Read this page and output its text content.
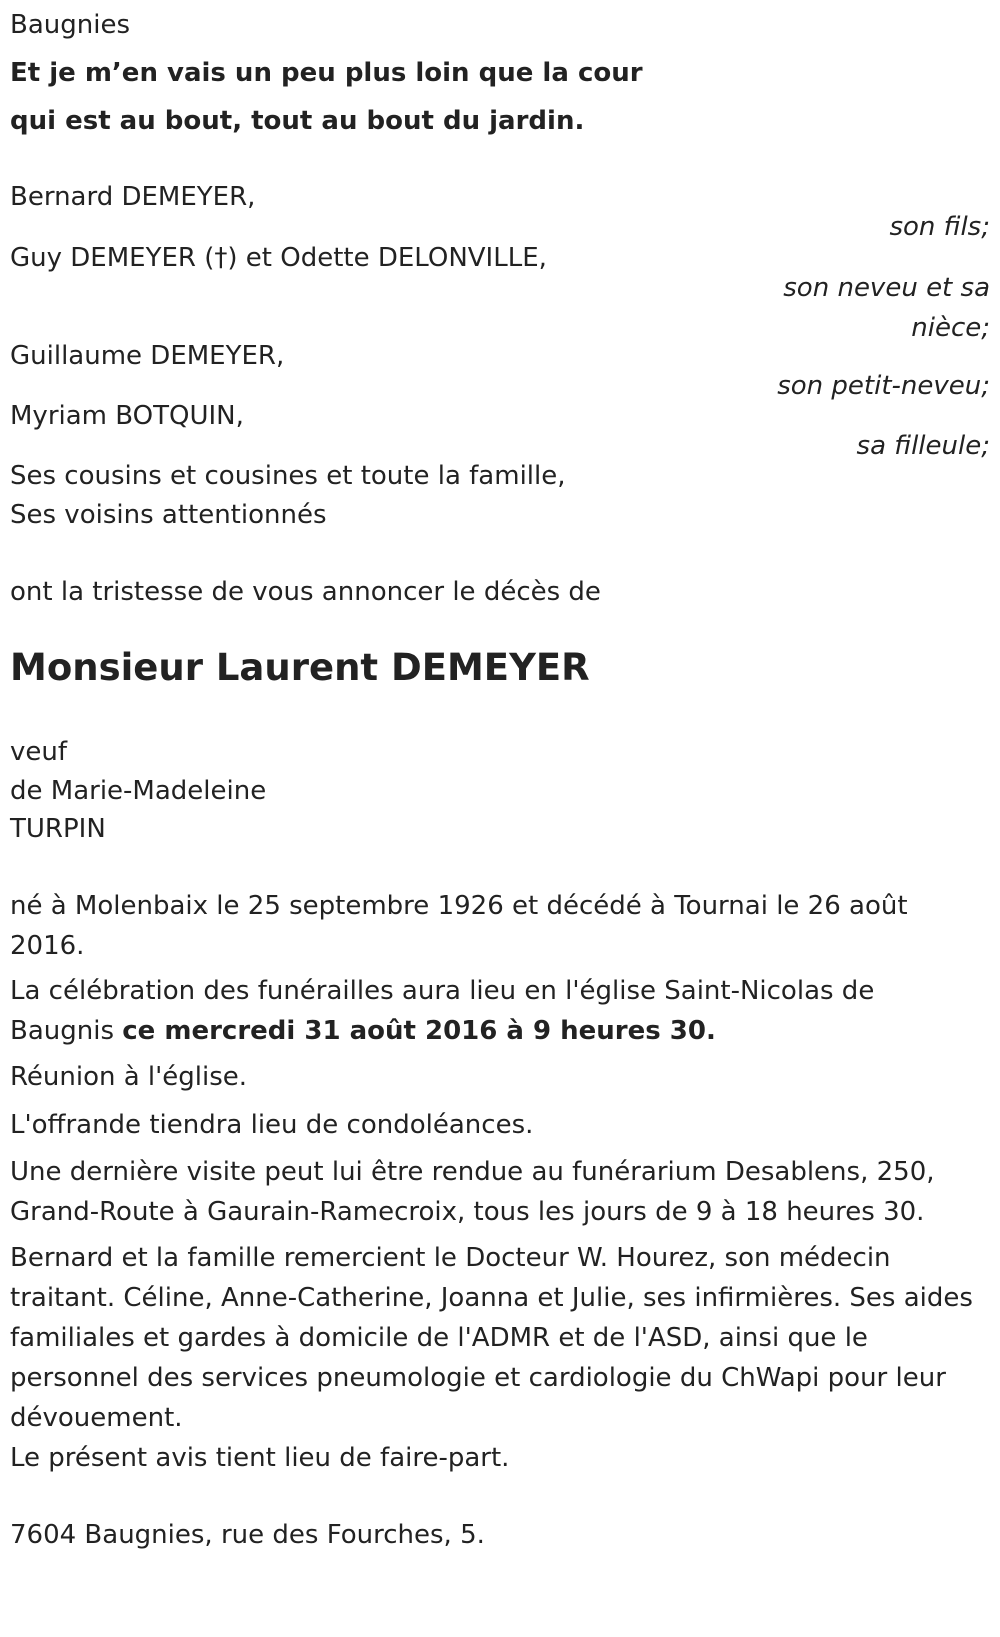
Baugnies

Et je m’en vais un peu plus loin que la cour

qui est au bout, tout au bout du jardin.

Bernard DEMEYER,

son fils;

Guy DEMEYER (†) et Odette DELONVILLE,

son neveu et sa nièce;

Guillaume DEMEYER,

son petit-neveu;

Myriam BOTQUIN,

sa filleule;

Ses cousins et cousines et toute la famille,

Ses voisins attentionnés

ont la tristesse de vous annoncer le décès de

Monsieur Laurent DEMEYER

veuf

de Marie-Madeleine

TURPIN

né à Molenbaix le 25 septembre 1926 et décédé à Tournai le 26 août 2016.

La célébration des funérailles aura lieu en l'église Saint-Nicolas de Baugnis ce mercredi 31 août 2016 à 9 heures 30.

Réunion à l'église.

L'offrande tiendra lieu de condoléances.

Une dernière visite peut lui être rendue au funérarium Desablens, 250, Grand-Route à Gaurain-Ramecroix, tous les jours de 9 à 18 heures 30.

Bernard et la famille remercient le Docteur W. Hourez, son médecin traitant. Céline, Anne-Catherine, Joanna et Julie, ses infirmières. Ses aides familiales et gardes à domicile de l'ADMR et de l'ASD, ainsi que le personnel des services pneumologie et cardiologie du ChWapi pour leur dévouement.

Le présent avis tient lieu de faire-part.

7604 Baugnies, rue des Fourches, 5.
